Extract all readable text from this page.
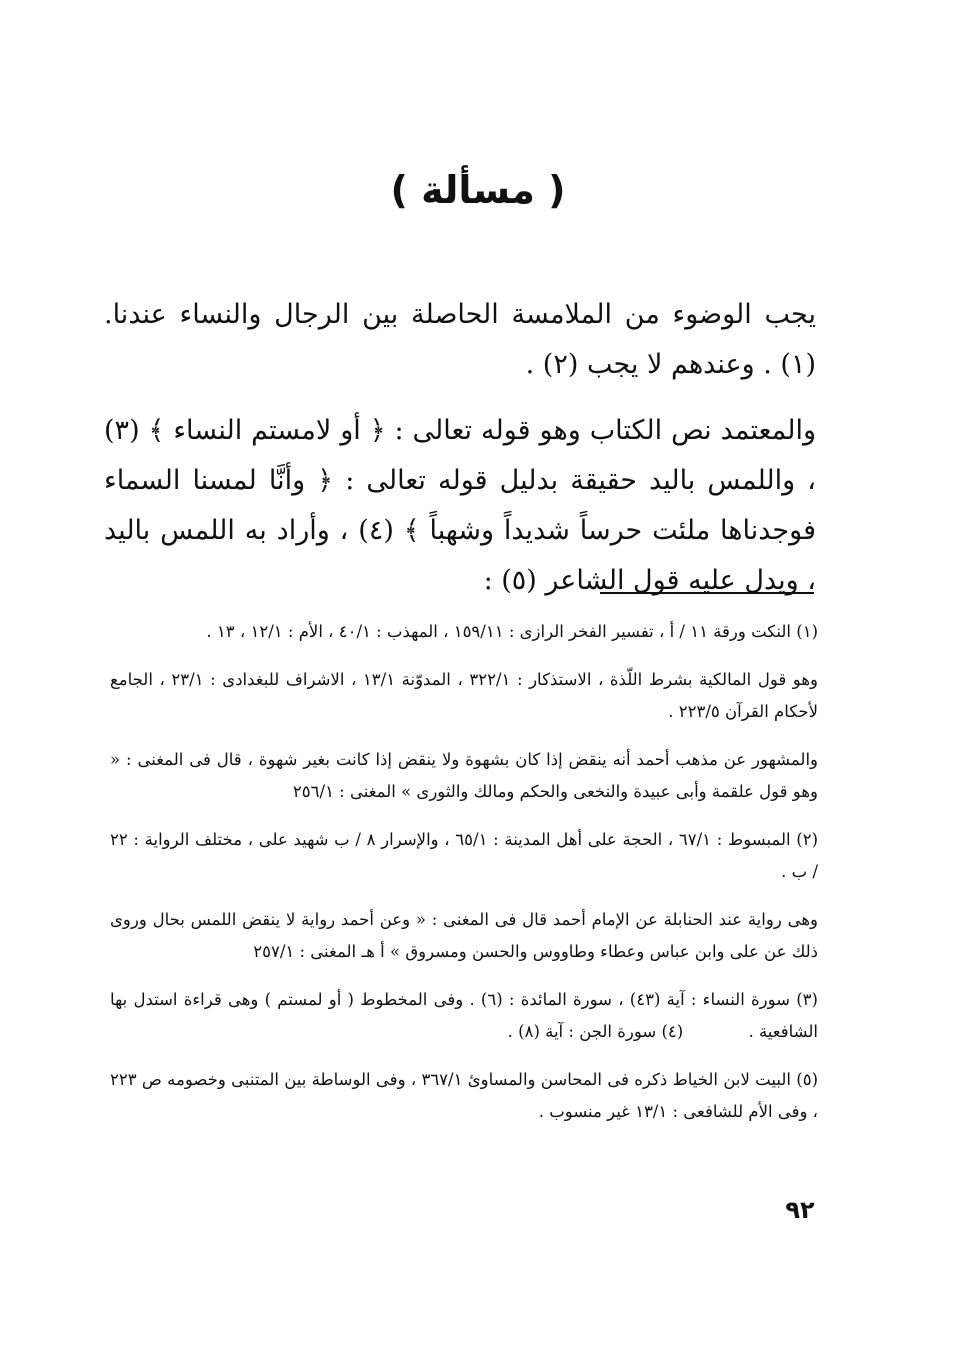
( مسألة )

يجب الوضوء من الملامسة الحاصلة بين الرجال والنساء عندنا. (١) . وعندهم لا يجب (٢) .

والمعتمد نص الكتاب وهو قوله تعالى : ﴿ أو لامستم النساء ﴾ (٣) ، واللمس باليد حقيقة بدليل قوله تعالى : ﴿ وأنَّا لمسنا السماء فوجدناها ملئت حرساً شديداً وشهباً ﴾ (٤) ، وأراد به اللمس باليد ، ويدل عليه قول الشاعر (٥) :

(١) النكت ورقة ١١ / أ ، تفسير الفخر الرازى : ١٥٩/١١ ، المهذب : ٤٠/١ ، الأم : ١٢/١ ، ١٣ .

وهو قول المالكية بشرط اللّذة ، الاستذكار : ٣٢٢/١ ، المدوّنة ١٣/١ ، الاشراف للبغدادى : ٢٣/١ ، الجامع لأحكام القرآن ٢٢٣/٥ .

والمشهور عن مذهب أحمد أنه ينقض إذا كان بشهوة ولا ينقض إذا كانت بغير شهوة ، قال فى المغنى : « وهو قول علقمة وأبى عبيدة والنخعى والحكم ومالك والثورى » المغنى : ٢٥٦/١

(٢) المبسوط : ٦٧/١ ، الحجة على أهل المدينة : ٦٥/١ ، والإسرار ٨ / ب شهيد على ، مختلف الرواية : ٢٢ / ب .

وهى رواية عند الحنابلة عن الإمام أحمد قال فى المغنى : « وعن أحمد رواية لا ينقض اللمس بحال وروى ذلك عن على وابن عباس وعطاء وطاووس والحسن ومسروق » أ هـ المغنى : ٢٥٧/١

(٣) سورة النساء : آية (٤٣) ، سورة المائدة : (٦) . وفى المخطوط ( أو لمستم ) وهى قراءة استدل بها الشافعية . (٤) سورة الجن : آية (٨) .

(٥) البيت لابن الخياط ذكره فى المحاسن والمساوئ ٣٦٧/١ ، وفى الوساطة بين المتنبى وخصومه ص ٢٢٣ ، وفى الأم للشافعى : ١٣/١ غير منسوب .

٩٢
